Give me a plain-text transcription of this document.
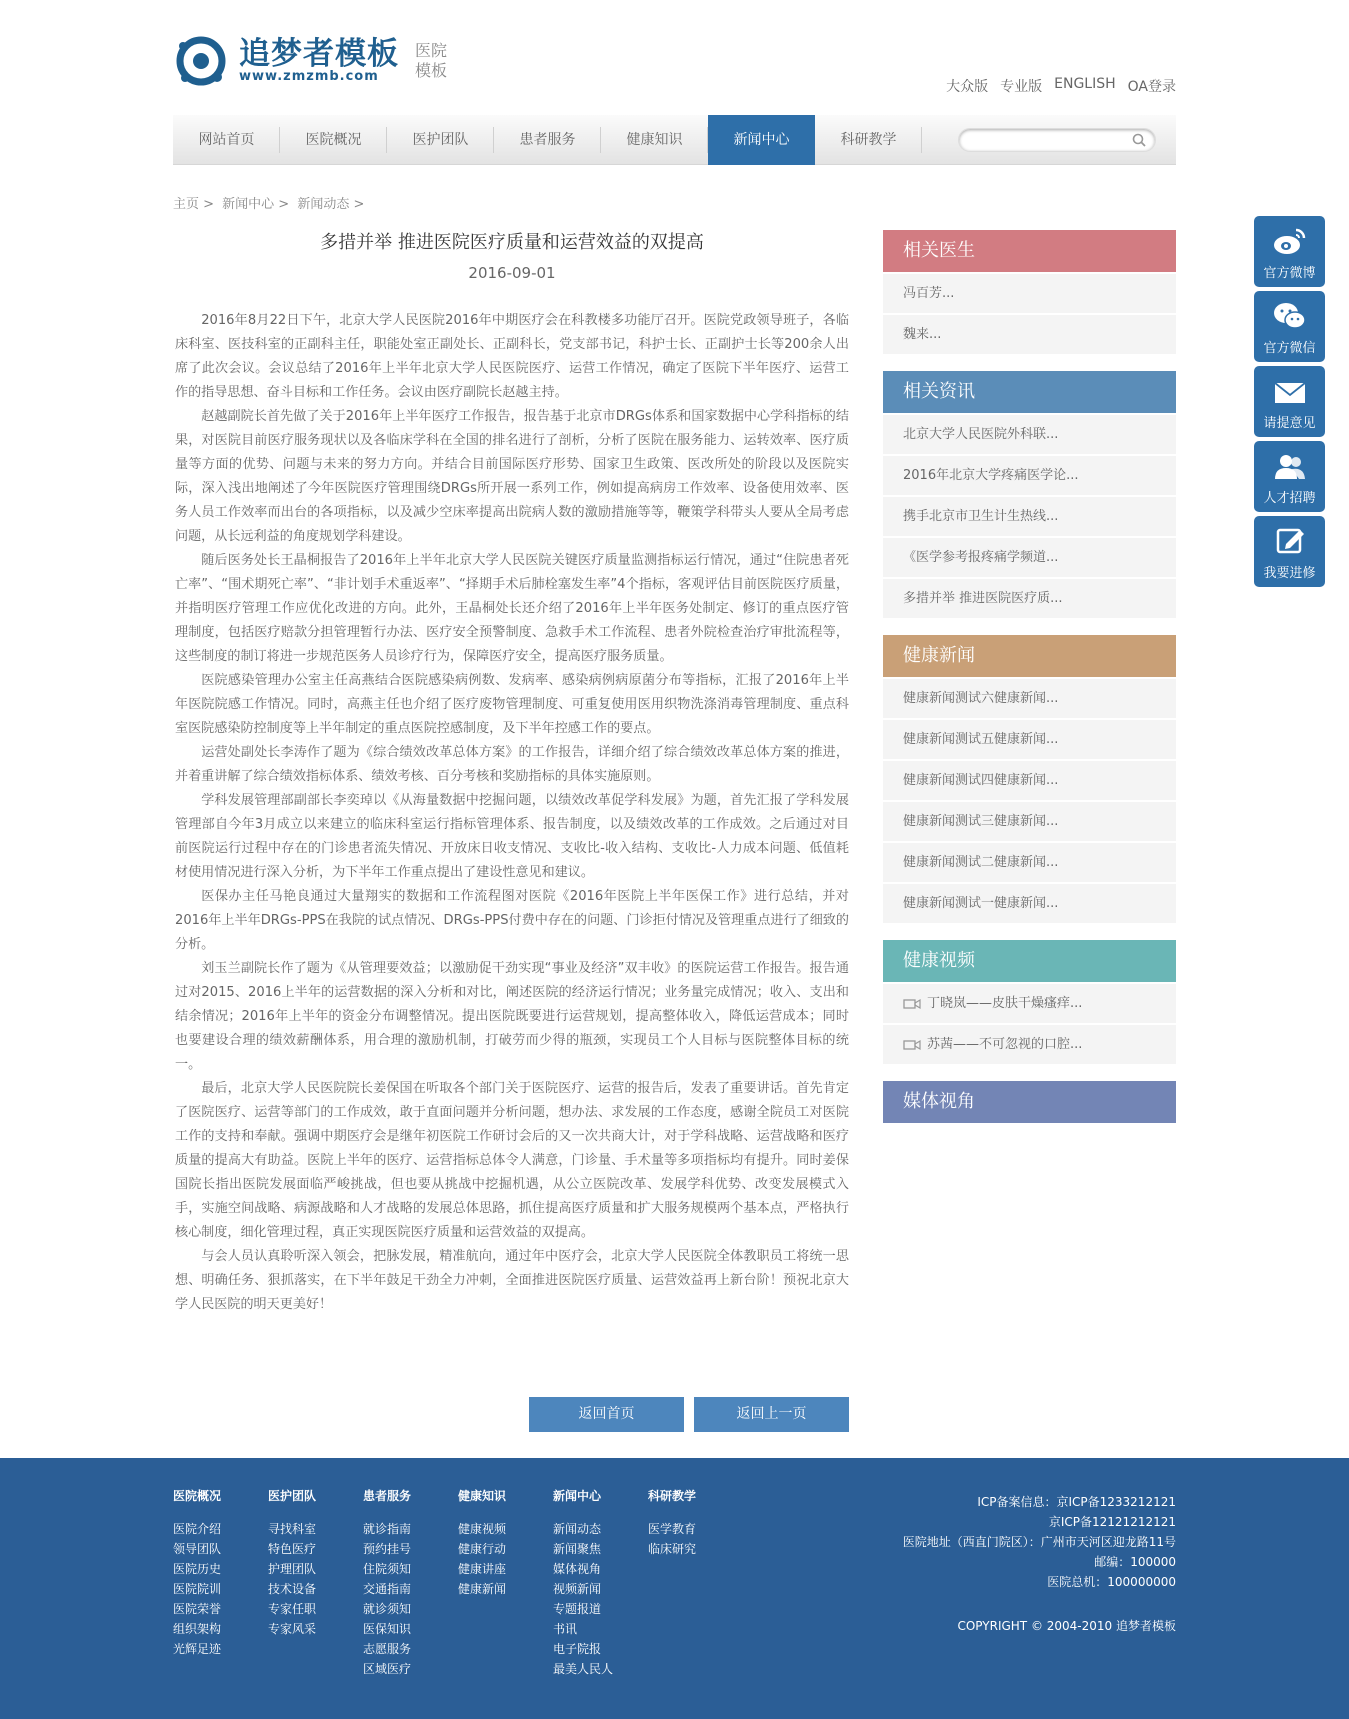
追梦者模板
www.zmzmb.com
医院模板
大众版 专业版 ENGLISH OA登录
网站首页	医院概况	医护团队	患者服务	健康知识	新闻中心	科研教学
主页 > 新闻中心 > 新闻动态 >
多措并举 推进医院医疗质量和运营效益的双提高
2016-09-01

2016年8月22日下午，北京大学人民医院2016年中期医疗会在科教楼多功能厅召开。医院党政领导班子，各临床科室、医技科室的正副科主任，职能处室正副处长、正副科长，党支部书记，科护士长、正副护士长等200余人出席了此次会议。会议总结了2016年上半年北京大学人民医院医疗、运营工作情况，确定了医院下半年医疗、运营工作的指导思想、奋斗目标和工作任务。会议由医疗副院长赵越主持。

赵越副院长首先做了关于2016年上半年医疗工作报告，报告基于北京市DRGs体系和国家数据中心学科指标的结果，对医院目前医疗服务现状以及各临床学科在全国的排名进行了剖析，分析了医院在服务能力、运转效率、医疗质量等方面的优势、问题与未来的努力方向。并结合目前国际医疗形势、国家卫生政策、医改所处的阶段以及医院实际，深入浅出地阐述了今年医院医疗管理围绕DRGs所开展一系列工作，例如提高病房工作效率、设备使用效率、医务人员工作效率而出台的各项指标，以及减少空床率提高出院病人数的激励措施等等，鞭策学科带头人要从全局考虑问题，从长远利益的角度规划学科建设。

随后医务处长王晶桐报告了2016年上半年北京大学人民医院关键医疗质量监测指标运行情况，通过“住院患者死亡率”、“围术期死亡率”、“非计划手术重返率”、“择期手术后肺栓塞发生率”4个指标，客观评估目前医院医疗质量，并指明医疗管理工作应优化改进的方向。此外，王晶桐处长还介绍了2016年上半年医务处制定、修订的重点医疗管理制度，包括医疗赔款分担管理暂行办法、医疗安全预警制度、急救手术工作流程、患者外院检查治疗审批流程等，这些制度的制订将进一步规范医务人员诊疗行为，保障医疗安全，提高医疗服务质量。

医院感染管理办公室主任高燕结合医院感染病例数、发病率、感染病例病原菌分布等指标，汇报了2016年上半年医院院感工作情况。同时，高燕主任也介绍了医疗废物管理制度、可重复使用医用织物洗涤消毒管理制度、重点科室医院感染防控制度等上半年制定的重点医院控感制度，及下半年控感工作的要点。

运营处副处长李涛作了题为《综合绩效改革总体方案》的工作报告，详细介绍了综合绩效改革总体方案的推进，并着重讲解了综合绩效指标体系、绩效考核、百分考核和奖励指标的具体实施原则。

学科发展管理部副部长李奕琸以《从海量数据中挖掘问题，以绩效改革促学科发展》为题，首先汇报了学科发展管理部自今年3月成立以来建立的临床科室运行指标管理体系、报告制度，以及绩效改革的工作成效。之后通过对目前医院运行过程中存在的门诊患者流失情况、开放床日收支情况、支收比-收入结构、支收比-人力成本问题、低值耗材使用情况进行深入分析，为下半年工作重点提出了建设性意见和建议。

医保办主任马艳良通过大量翔实的数据和工作流程图对医院《2016年医院上半年医保工作》进行总结，并对2016年上半年DRGs-PPS在我院的试点情况、DRGs-PPS付费中存在的问题、门诊拒付情况及管理重点进行了细致的分析。

刘玉兰副院长作了题为《从管理要效益；以激励促干劲实现“事业及经济”双丰收》的医院运营工作报告。报告通过对2015、2016上半年的运营数据的深入分析和对比，阐述医院的经济运行情况；业务量完成情况；收入、支出和结余情况；2016年上半年的资金分布调整情况。提出医院既要进行运营规划，提高整体收入，降低运营成本；同时也要建设合理的绩效薪酬体系，用合理的激励机制，打破劳而少得的瓶颈，实现员工个人目标与医院整体目标的统一。

最后，北京大学人民医院院长姜保国在听取各个部门关于医院医疗、运营的报告后，发表了重要讲话。首先肯定了医院医疗、运营等部门的工作成效，敢于直面问题并分析问题，想办法、求发展的工作态度，感谢全院员工对医院工作的支持和奉献。强调中期医疗会是继年初医院工作研讨会后的又一次共商大计，对于学科战略、运营战略和医疗质量的提高大有助益。医院上半年的医疗、运营指标总体令人满意，门诊量、手术量等多项指标均有提升。同时姜保国院长指出医院发展面临严峻挑战，但也要从挑战中挖掘机遇，从公立医院改革、发展学科优势、改变发展模式入手，实施空间战略、病源战略和人才战略的发展总体思路，抓住提高医疗质量和扩大服务规模两个基本点，严格执行核心制度，细化管理过程，真正实现医院医疗质量和运营效益的双提高。

与会人员认真聆听深入领会，把脉发展，精准航向，通过年中医疗会，北京大学人民医院全体教职员工将统一思想、明确任务、狠抓落实，在下半年鼓足干劲全力冲刺，全面推进医院医疗质量、运营效益再上新台阶！预祝北京大学人民医院的明天更美好！

返回首页	返回上一页
相关医生
冯百芳...
魏来...
相关资讯
北京大学人民医院外科联...
2016年北京大学疼痛医学论...
携手北京市卫生计生热线...
《医学参考报疼痛学频道...
多措并举 推进医院医疗质...
健康新闻
健康新闻测试六健康新闻...
健康新闻测试五健康新闻...
健康新闻测试四健康新闻...
健康新闻测试三健康新闻...
健康新闻测试二健康新闻...
健康新闻测试一健康新闻...
健康视频
丁晓岚——皮肤干燥瘙痒...
苏茜——不可忽视的口腔...
媒体视角
官方微博
官方微信
请提意见
人才招聘
我要进修
医院概况
医院介绍
领导团队
医院历史
医院院训
医院荣誉
组织架构
光辉足迹
医护团队
寻找科室
特色医疗
护理团队
技术设备
专家任职
专家风采
患者服务
就诊指南
预约挂号
住院须知
交通指南
就诊须知
医保知识
志愿服务
区域医疗
健康知识
健康视频
健康行动
健康讲座
健康新闻
新闻中心
新闻动态
新闻聚焦
媒体视角
视频新闻
专题报道
书讯
电子院报
最美人民人
科研教学
医学教育
临床研究
ICP备案信息：京ICP备1233212121
京ICP备12121212121
医院地址（西直门院区）：广州市天河区迎龙路11号
邮编：100000
医院总机：100000000
COPYRIGHT © 2004-2010 追梦者模板
